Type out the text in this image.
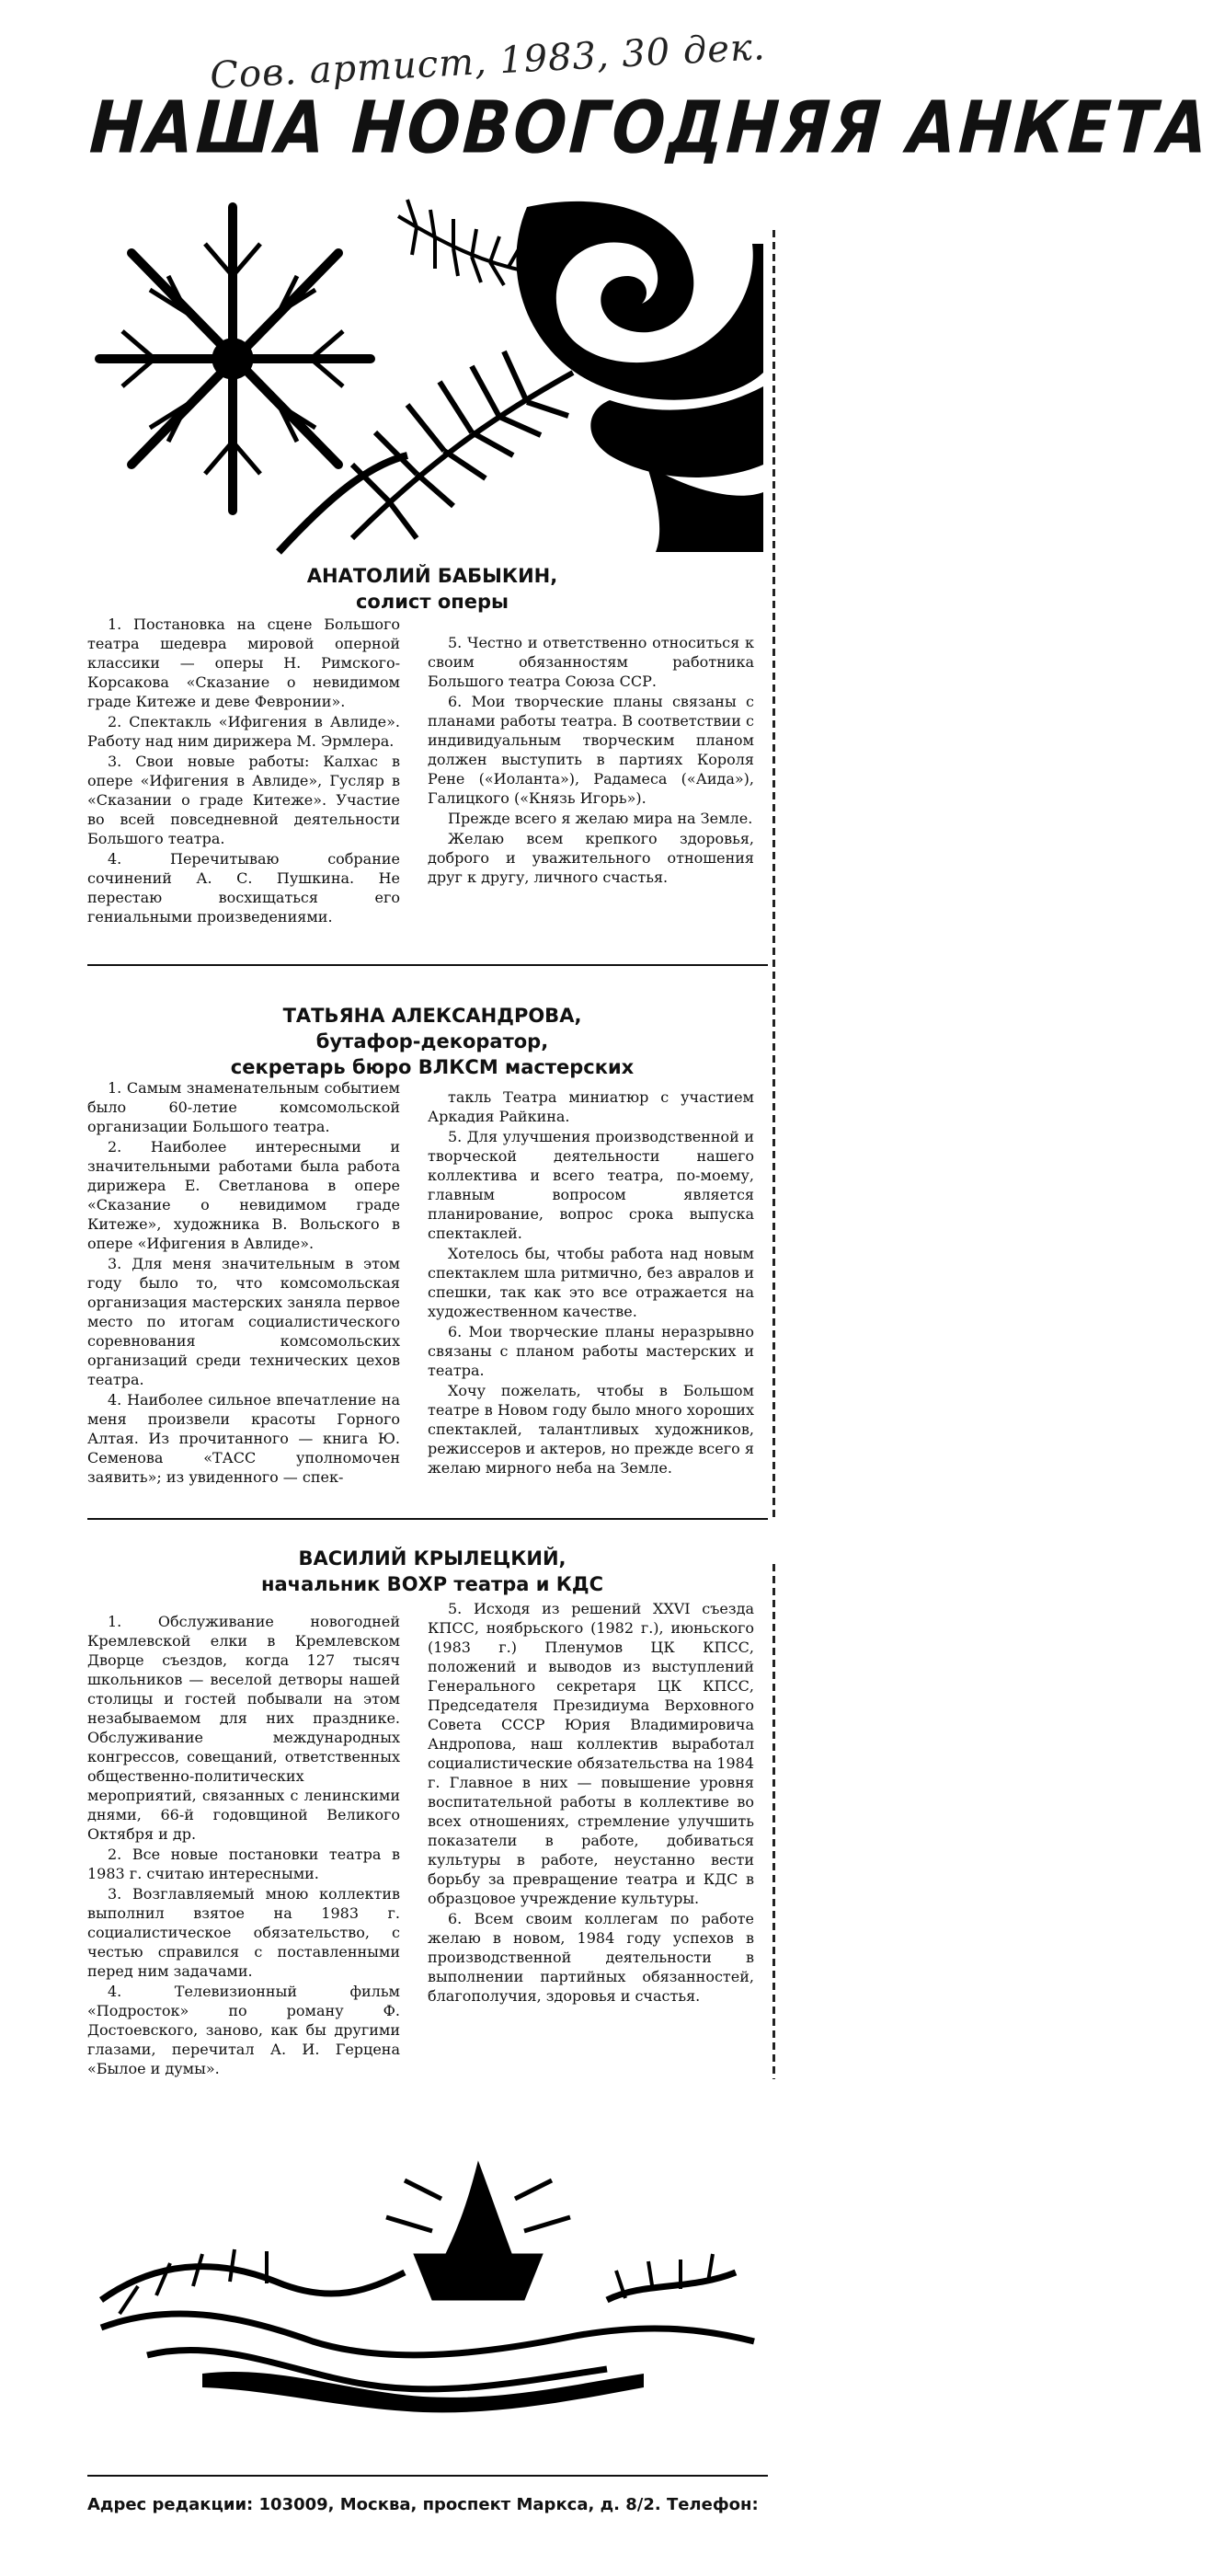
Сов. артист, 1983, 30 дек.
НАША НОВОГОДНЯЯ АНКЕТА
АНАТОЛИЙ БАБЫКИН,
солист оперы

1. Постановка на сцене Большого театра шедевра мировой оперной классики — оперы Н. Римского-Корсакова «Сказание о невидимом граде Китеже и деве Февронии».

2. Спектакль «Ифигения в Авлиде». Работу над ним дирижера М. Эрмлера.

3. Свои новые работы: Калхас в опере «Ифигения в Авлиде», Гусляр в «Сказании о граде Китеже». Участие во всей повседневной деятельности Большого театра.

4. Перечитываю собрание сочинений А. С. Пушкина. Не перестаю восхищаться его гениальными произведениями.

5. Честно и ответственно относиться к своим обязанностям работника Большого театра Союза ССР.

6. Мои творческие планы связаны с планами работы театра. В соответствии с индивидуальным творческим планом должен выступить в партиях Короля Рене («Иоланта»), Радамеса («Аида»), Галицкого («Князь Игорь»).

Прежде всего я желаю мира на Земле.

Желаю всем крепкого здоровья, доброго и уважительного отношения друг к другу, личного счастья.

ТАТЬЯНА АЛЕКСАНДРОВА,
бутафор-декоратор,
секретарь бюро ВЛКСМ мастерских

1. Самым знаменательным событием было 60-летие комсомольской организации Большого театра.

2. Наиболее интересными и значительными работами была работа дирижера Е. Светланова в опере «Сказание о невидимом граде Китеже», художника В. Вольского в опере «Ифигения в Авлиде».

3. Для меня значительным в этом году было то, что комсомольская организация мастерских заняла первое место по итогам социалистического соревнования комсомольских организаций среди технических цехов театра.

4. Наиболее сильное впечатление на меня произвели красоты Горного Алтая. Из прочитанного — книга Ю. Семенова «ТАСС уполномочен заявить»; из увиденного — спек-

такль Театра миниатюр с участием Аркадия Райкина.

5. Для улучшения производственной и творческой деятельности нашего коллектива и всего театра, по-моему, главным вопросом является планирование, вопрос срока выпуска спектаклей.

Хотелось бы, чтобы работа над новым спектаклем шла ритмично, без авралов и спешки, так как это все отражается на художественном качестве.

6. Мои творческие планы неразрывно связаны с планом работы мастерских и театра.

Хочу пожелать, чтобы в Большом театре в Новом году было много хороших спектаклей, талантливых художников, режиссеров и актеров, но прежде всего я желаю мирного неба на Земле.

ВАСИЛИЙ КРЫЛЕЦКИЙ,
начальник ВОХР театра и КДС

1. Обслуживание новогодней Кремлевской елки в Кремлевском Дворце съездов, когда 127 тысяч школьников — веселой детворы нашей столицы и гостей побывали на этом незабываемом для них празднике. Обслуживание международных конгрессов, совещаний, ответственных общественно-политических мероприятий, связанных с ленинскими днями, 66-й годовщиной Великого Октября и др.

2. Все новые постановки театра в 1983 г. считаю интересными.

3. Возглавляемый мною коллектив выполнил взятое на 1983 г. социалистическое обязательство, с честью справился с поставленными перед ним задачами.

4. Телевизионный фильм «Подросток» по роману Ф. Достоевского, заново, как бы другими глазами, перечитал А. И. Герцена «Былое и думы».

5. Исходя из решений XXVI съезда КПСС, ноябрьского (1982 г.), июньского (1983 г.) Пленумов ЦК КПСС, положений и выводов из выступлений Генерального секретаря ЦК КПСС, Председателя Президиума Верховного Совета СССР Юрия Владимировича Андропова, наш коллектив выработал социалистические обязательства на 1984 г. Главное в них — повышение уровня воспитательной работы в коллективе во всех отношениях, стремление улучшить показатели в работе, добиваться культуры в работе, неустанно вести борьбу за превращение театра и КДС в образцовое учреждение культуры.

6. Всем своим коллегам по работе желаю в новом, 1984 году успехов в производственной деятельности в выполнении партийных обязанностей, благополучия, здоровья и счастья.

Адрес редакции: 103009, Москва, проспект Маркса, д. 8/2. Телефон:
